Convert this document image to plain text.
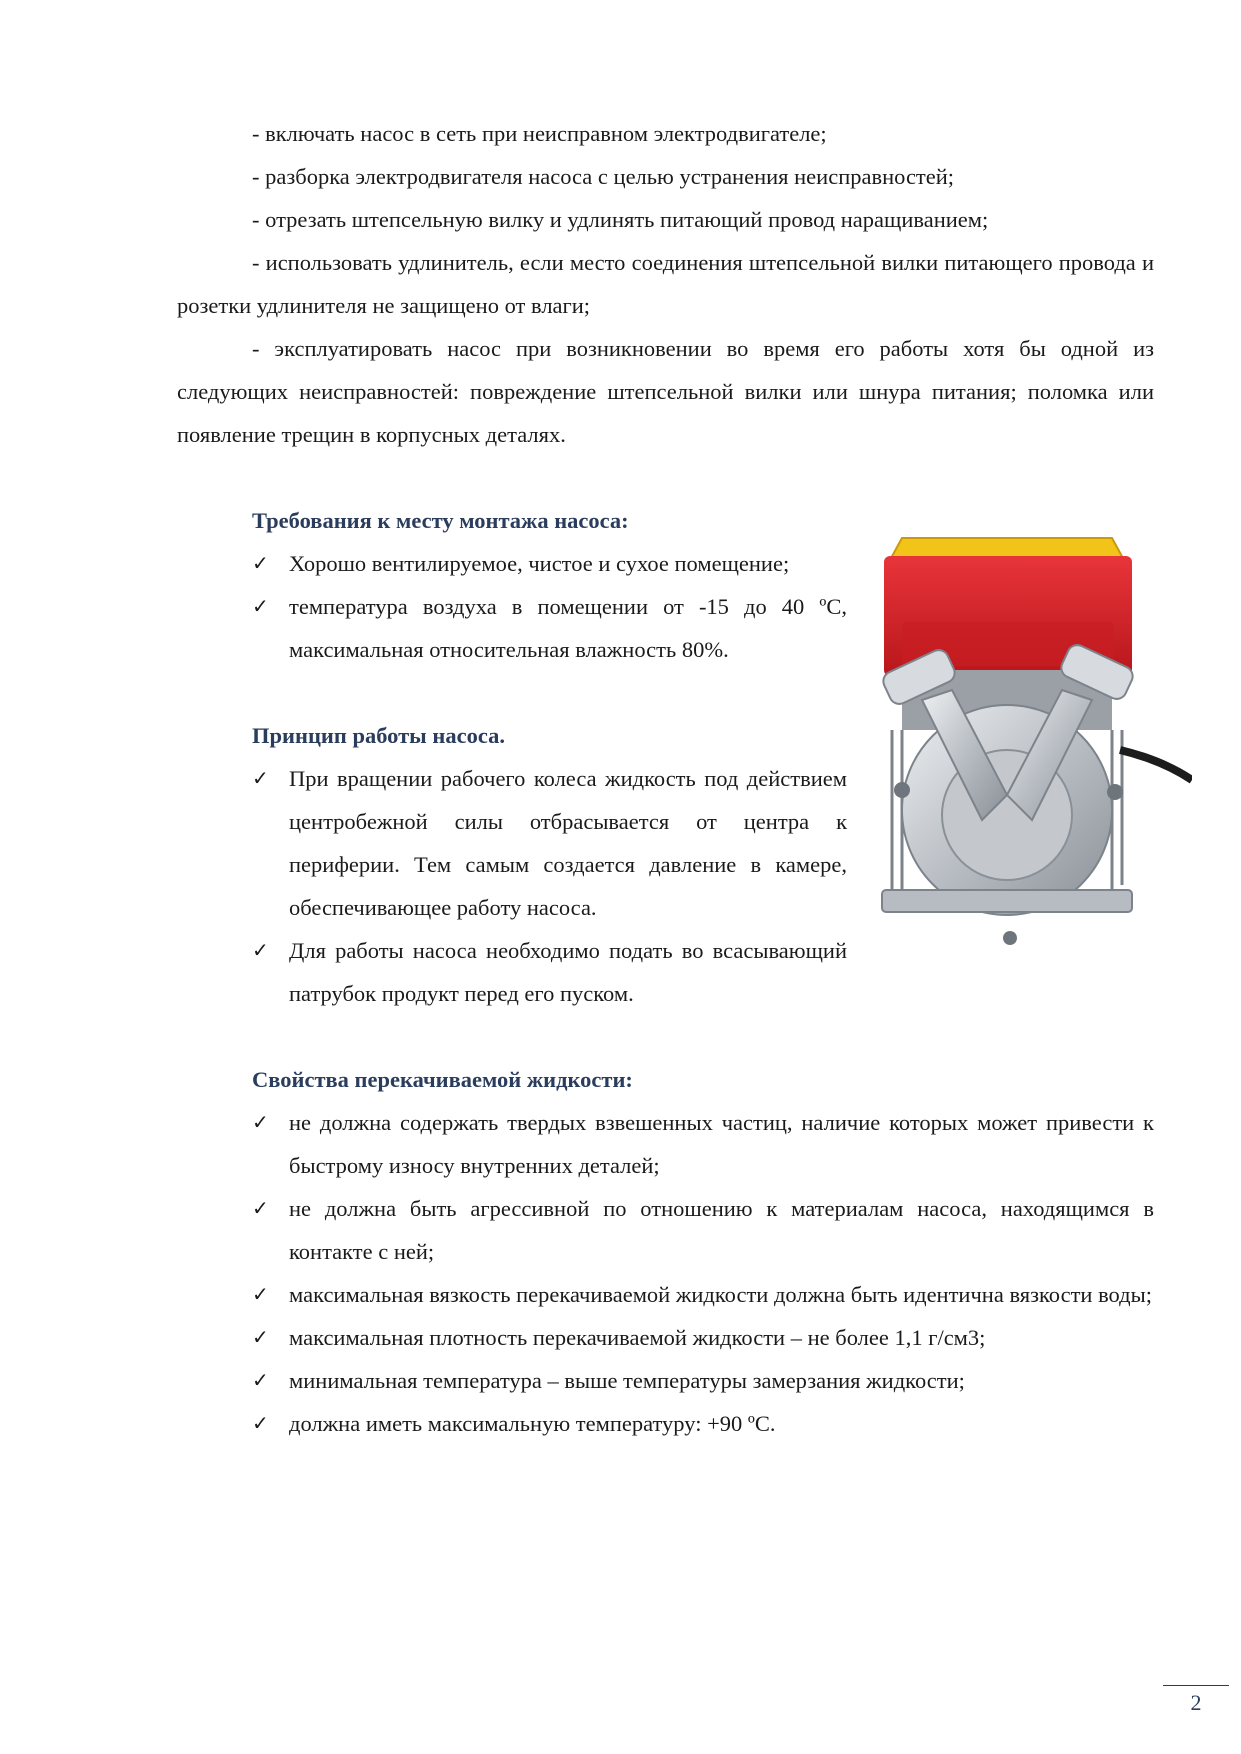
- включать насос в сеть при неисправном электродвигателе;

- разборка электродвигателя насоса с целью устранения неисправностей;

- отрезать штепсельную вилку и удлинять питающий провод наращиванием;

- использовать удлинитель, если место соединения штепсельной вилки питающего провода и розетки удлинителя не защищено от влаги;

- эксплуатировать насос при возникновении во время его работы хотя бы одной из следующих неисправностей: повреждение штепсельной вилки или шнура питания; поломка или появление трещин в корпусных деталях.

Требования к месту монтажа насоса:
✓ Хорошо вентилируемое, чистое и сухое помещение;
✓ температура воздуха в помещении от -15 до 40 ºС, максимальная относительная влажность 80%.
Принцип работы насоса.
✓ При вращении рабочего колеса жидкость под действием центробежной силы отбрасывается от центра к периферии. Тем самым создается давление в камере, обеспечивающее работу насоса.
✓ Для работы насоса необходимо подать во всасывающий патрубок продукт перед его пуском.
Свойства перекачиваемой жидкости:
✓ не должна содержать твердых взвешенных частиц, наличие которых может привести к быстрому износу внутренних деталей;
✓ не должна быть агрессивной по отношению к материалам насоса, находящимся в контакте с ней;
✓ максимальная вязкость перекачиваемой жидкости должна быть идентична вязкости воды;
✓ максимальная плотность перекачиваемой жидкости – не более 1,1 г/см3;
✓ минимальная температура – выше температуры замерзания жидкости;
✓ должна иметь максимальную температуру: +90 ºС.
2
